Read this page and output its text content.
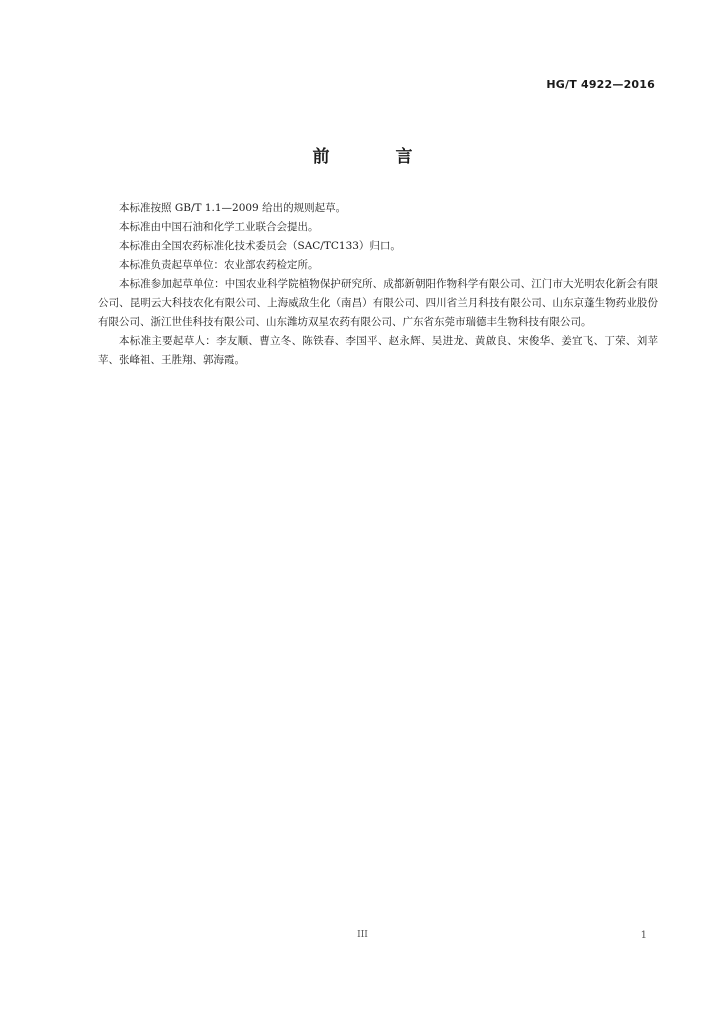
HG/T 4922—2016
前 言

本标准按照 GB/T 1.1—2009 给出的规则起草。

本标准由中国石油和化学工业联合会提出。

本标准由全国农药标准化技术委员会（SAC/TC133）归口。

本标准负责起草单位：农业部农药检定所。

本标准参加起草单位：中国农业科学院植物保护研究所、成都新朝阳作物科学有限公司、江门市大光明农化新会有限公司、昆明云大科技农化有限公司、上海威敌生化（南昌）有限公司、四川省兰月科技有限公司、山东京蓬生物药业股份有限公司、浙江世佳科技有限公司、山东潍坊双星农药有限公司、广东省东莞市瑞德丰生物科技有限公司。

本标准主要起草人：李友顺、曹立冬、陈铁春、李国平、赵永辉、吴进龙、黄啟良、宋俊华、姜宜飞、丁荣、刘苹苹、张峰祖、王胜翔、郭海霞。

III	1
